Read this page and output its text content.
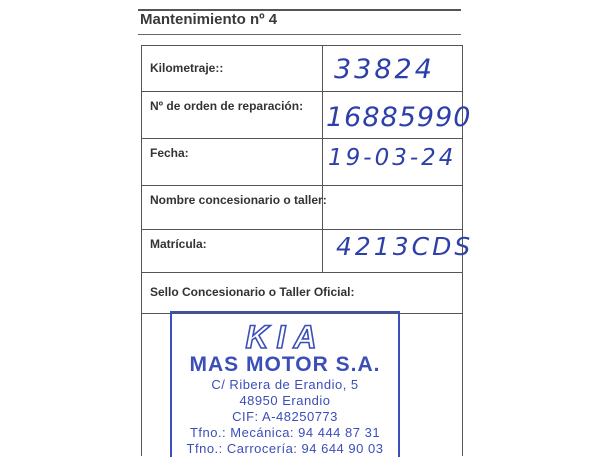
Mantenimiento nº 4
Kilometraje::	33824
Nº de orden de reparación: 16885990
Fecha:	19-03-24
Nombre concesionario o taller:
Matrícula:	4213CDS
Sello Concesionario o Taller Oficial:
KIA
MAS MOTOR S.A.
C/ Ribera de Erandio, 5
48950 Erandio
CIF: A-48250773
Tfno.: Mecánica: 94 444 87 31
Tfno.: Carrocería: 94 644 90 03
